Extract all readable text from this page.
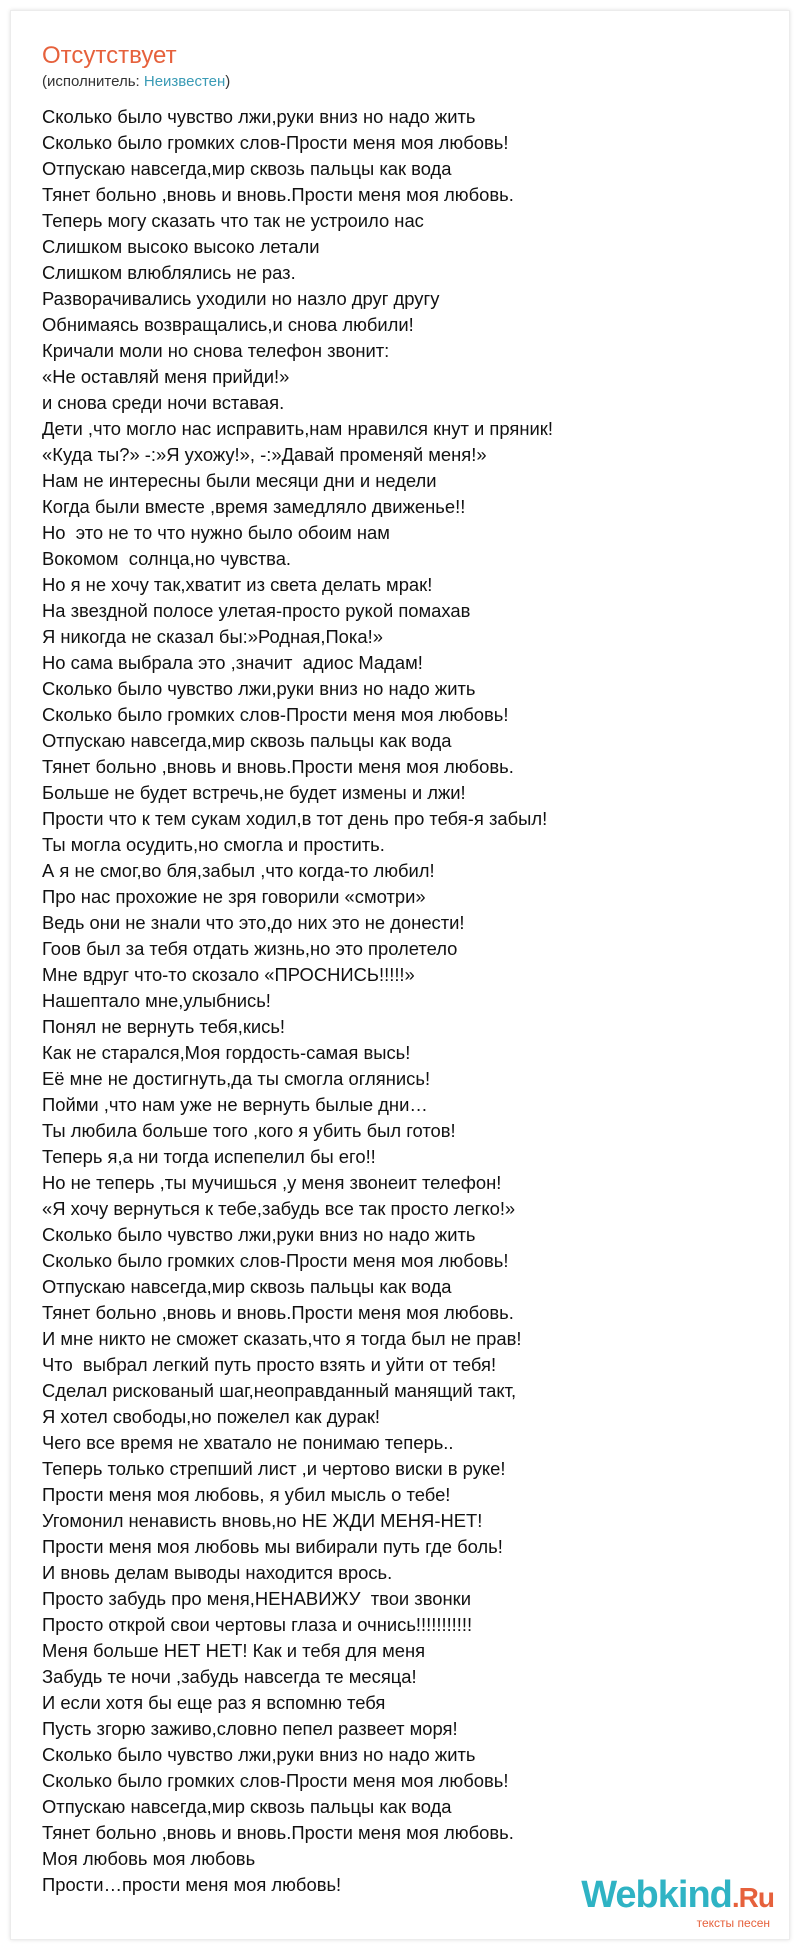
Отсутствует
(исполнитель: Неизвестен)
Сколько было чувство лжи,руки вниз но надо жить
Сколько было громких слов-Прости меня моя любовь!
Отпускаю навсегда,мир сквозь пальцы как вода
Тянет больно ,вновь и вновь.Прости меня моя любовь.
Теперь могу сказать что так не устроило нас
Слишком высоко высоко летали
Слишком влюблялись не раз.
Разворачивались уходили но назло друг другу
Обнимаясь возвращались,и снова любили!
Кричали моли но снова телефон звонит:
«Не оставляй меня прийди!»
и снова среди ночи вставая.
Дети ,что могло нас исправить,нам нравился кнут и пряник!
«Куда ты?» -:»Я ухожу!», -:»Давай променяй меня!»
Нам не интересны были месяци дни и недели
Когда были вместе ,время замедляло движенье!!
Но  это не то что нужно было обоим нам
Вокомом  солнца,но чувства.
Но я не хочу так,хватит из света делать мрак!
На звездной полосе улетая-просто рукой помахав
Я никогда не сказал бы:»Родная,Пока!»
Но сама выбрала это ,значит  адиос Мадам!
Сколько было чувство лжи,руки вниз но надо жить
Сколько было громких слов-Прости меня моя любовь!
Отпускаю навсегда,мир сквозь пальцы как вода
Тянет больно ,вновь и вновь.Прости меня моя любовь.
Больше не будет встречь,не будет измены и лжи!
Прости что к тем сукам ходил,в тот день про тебя-я забыл!
Ты могла осудить,но смогла и простить.
А я не смог,во бля,забыл ,что когда-то любил!
Про нас прохожие не зря говорили «смотри»
Ведь они не знали что это,до них это не донести!
Гоов был за тебя отдать жизнь,но это пролетело
Мне вдруг что-то скозало «ПРОСНИСЬ!!!!!»
Нашептало мне,улыбнись!
Понял не вернуть тебя,кись!
Как не старался,Моя гордость-самая высь!
Её мне не достигнуть,да ты смогла оглянись!
Пойми ,что нам уже не вернуть былые дни…
Ты любила больше того ,кого я убить был готов!
Теперь я,а ни тогда испепелил бы его!!
Но не теперь ,ты мучишься ,у меня звонеит телефон!
«Я хочу вернуться к тебе,забудь все так просто легко!»
Сколько было чувство лжи,руки вниз но надо жить
Сколько было громких слов-Прости меня моя любовь!
Отпускаю навсегда,мир сквозь пальцы как вода
Тянет больно ,вновь и вновь.Прости меня моя любовь.
И мне никто не сможет сказать,что я тогда был не прав!
Что  выбрал легкий путь просто взять и уйти от тебя!
Сделал рискованый шаг,неоправданный манящий такт,
Я хотел свободы,но пожелел как дурак!
Чего все время не хватало не понимаю теперь..
Теперь только стрепший лист ,и чертово виски в руке!
Прости меня моя любовь, я убил мысль о тебе!
Угомонил ненависть вновь,но НЕ ЖДИ МЕНЯ-НЕТ!
Прости меня моя любовь мы вибирали путь где боль!
И вновь делам выводы находится врось.
Просто забудь про меня,НЕНАВИЖУ  твои звонки
Просто открой свои чертовы глаза и очнись!!!!!!!!!!!
Меня больше НЕТ НЕТ! Как и тебя для меня
Забудь те ночи ,забудь навсегда те месяца!
И если хотя бы еще раз я вспомню тебя
Пусть згорю заживо,словно пепел развеет моря!
Сколько было чувство лжи,руки вниз но надо жить
Сколько было громких слов-Прости меня моя любовь!
Отпускаю навсегда,мир сквозь пальцы как вода
Тянет больно ,вновь и вновь.Прости меня моя любовь.
Моя любовь моя любовь
Прости…прости меня моя любовь!	Webkind.Ru
тексты песен
